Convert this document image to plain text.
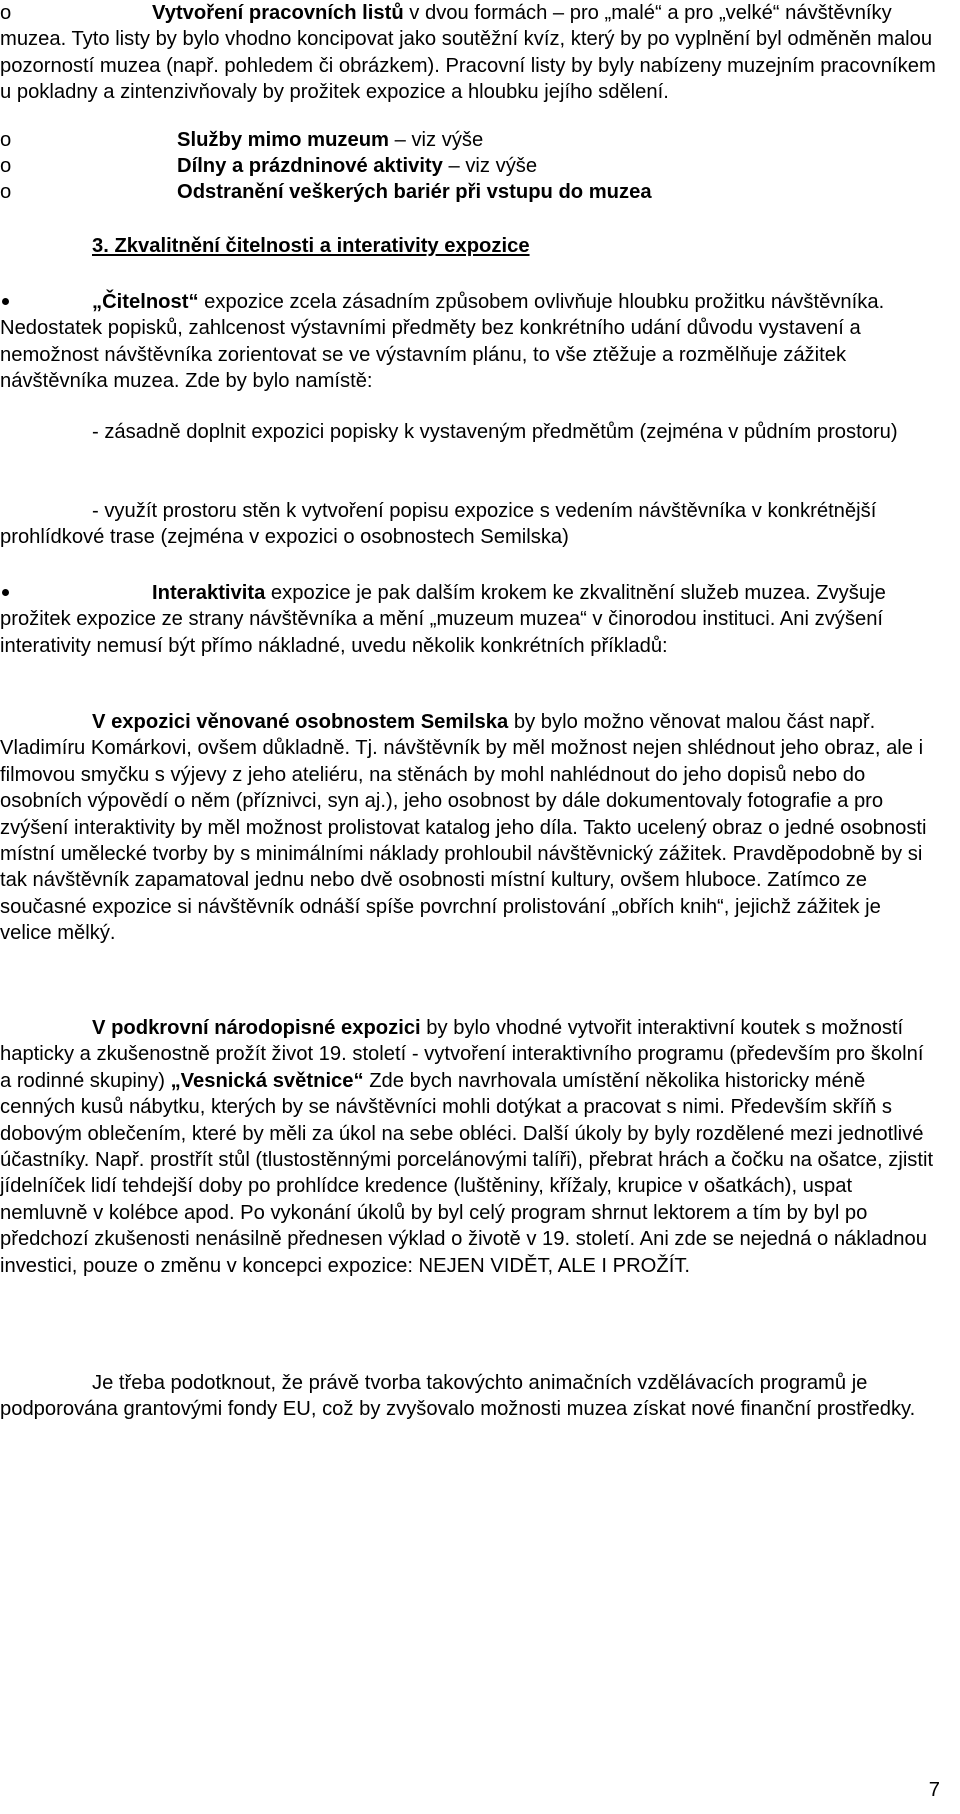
o	Vytvoření pracovních listů v dvou formách – pro „malé“ a pro „velké“ návštěvníky muzea. Tyto listy by bylo vhodno koncipovat jako soutěžní kvíz, který by po vyplnění byl odměněn malou pozorností muzea (např. pohledem či obrázkem). Pracovní listy by byly nabízeny muzejním pracovníkem u pokladny a zintenzivňovaly by prožitek expozice a hloubku jejího sdělení.

o	Služby mimo muzeum – viz výše
o	Dílny a prázdninové aktivity – viz výše
o	Odstranění veškerých bariér při vstupu do muzea
3. Zkvalitnění čitelnosti a interativity expozice

„Čitelnost“ expozice zcela zásadním způsobem ovlivňuje hloubku prožitku návštěvníka. Nedostatek popisků, zahlcenost výstavními předměty bez konkrétního udání důvodu vystavení a nemožnost návštěvníka zorientovat se ve výstavním plánu, to vše ztěžuje a rozmělňuje zážitek návštěvníka muzea. Zde by bylo namístě:

- zásadně doplnit expozici popisky k vystaveným předmětům (zejména v půdním prostoru)

- využít prostoru stěn k vytvoření popisu expozice s vedením návštěvníka v konkrétnější prohlídkové trase (zejména v expozici o osobnostech Semilska)

Interaktivita expozice je pak dalším krokem ke zkvalitnění služeb muzea. Zvyšuje prožitek expozice ze strany návštěvníka a mění „muzeum muzea“ v činorodou instituci. Ani zvýšení interativity nemusí být přímo nákladné, uvedu několik konkrétních příkladů:

V expozici věnované osobnostem Semilska by bylo možno věnovat malou část např. Vladimíru Komárkovi, ovšem důkladně. Tj. návštěvník by měl možnost nejen shlédnout jeho obraz, ale i filmovou smyčku s výjevy z jeho ateliéru, na stěnách by mohl nahlédnout do jeho dopisů nebo do osobních výpovědí o něm (příznivci, syn aj.), jeho osobnost by dále dokumentovaly fotografie a pro zvýšení interaktivity by měl možnost prolistovat katalog jeho díla. Takto ucelený obraz o jedné osobnosti místní umělecké tvorby by s minimálními náklady prohloubil návštěvnický zážitek. Pravděpodobně by si tak návštěvník zapamatoval jednu nebo dvě osobnosti místní kultury, ovšem hluboce. Zatímco ze současné expozice si návštěvník odnáší spíše povrchní prolistování „obřích knih“, jejichž zážitek je velice mělký.

V podkrovní národopisné expozici by bylo vhodné vytvořit interaktivní koutek s možností hapticky a zkušenostně prožít život 19. století - vytvoření interaktivního programu (především pro školní a rodinné skupiny) „Vesnická světnice“ Zde bych navrhovala umístění několika historicky méně cenných kusů nábytku, kterých by se návštěvníci mohli dotýkat a pracovat s nimi. Především skříň s dobovým oblečením, které by měli za úkol na sebe obléci. Další úkoly by byly rozdělené mezi jednotlivé účastníky. Např. prostřít stůl (tlustostěnnými porcelánovými talíři), přebrat hrách a čočku na ošatce, zjistit jídelníček lidí tehdejší doby po prohlídce kredence (luštěniny, křížaly, krupice v ošatkách), uspat nemluvně v kolébce apod. Po vykonání úkolů by byl celý program shrnut lektorem a tím by byl po předchozí zkušenosti nenásilně přednesen výklad o životě v 19. století. Ani zde se nejedná o nákladnou investici, pouze o změnu v koncepci expozice: NEJEN VIDĚT, ALE I PROŽÍT.

Je třeba podotknout, že právě tvorba takovýchto animačních vzdělávacích programů je podporována grantovými fondy EU, což by zvyšovalo možnosti muzea získat nové finanční prostředky.

7
